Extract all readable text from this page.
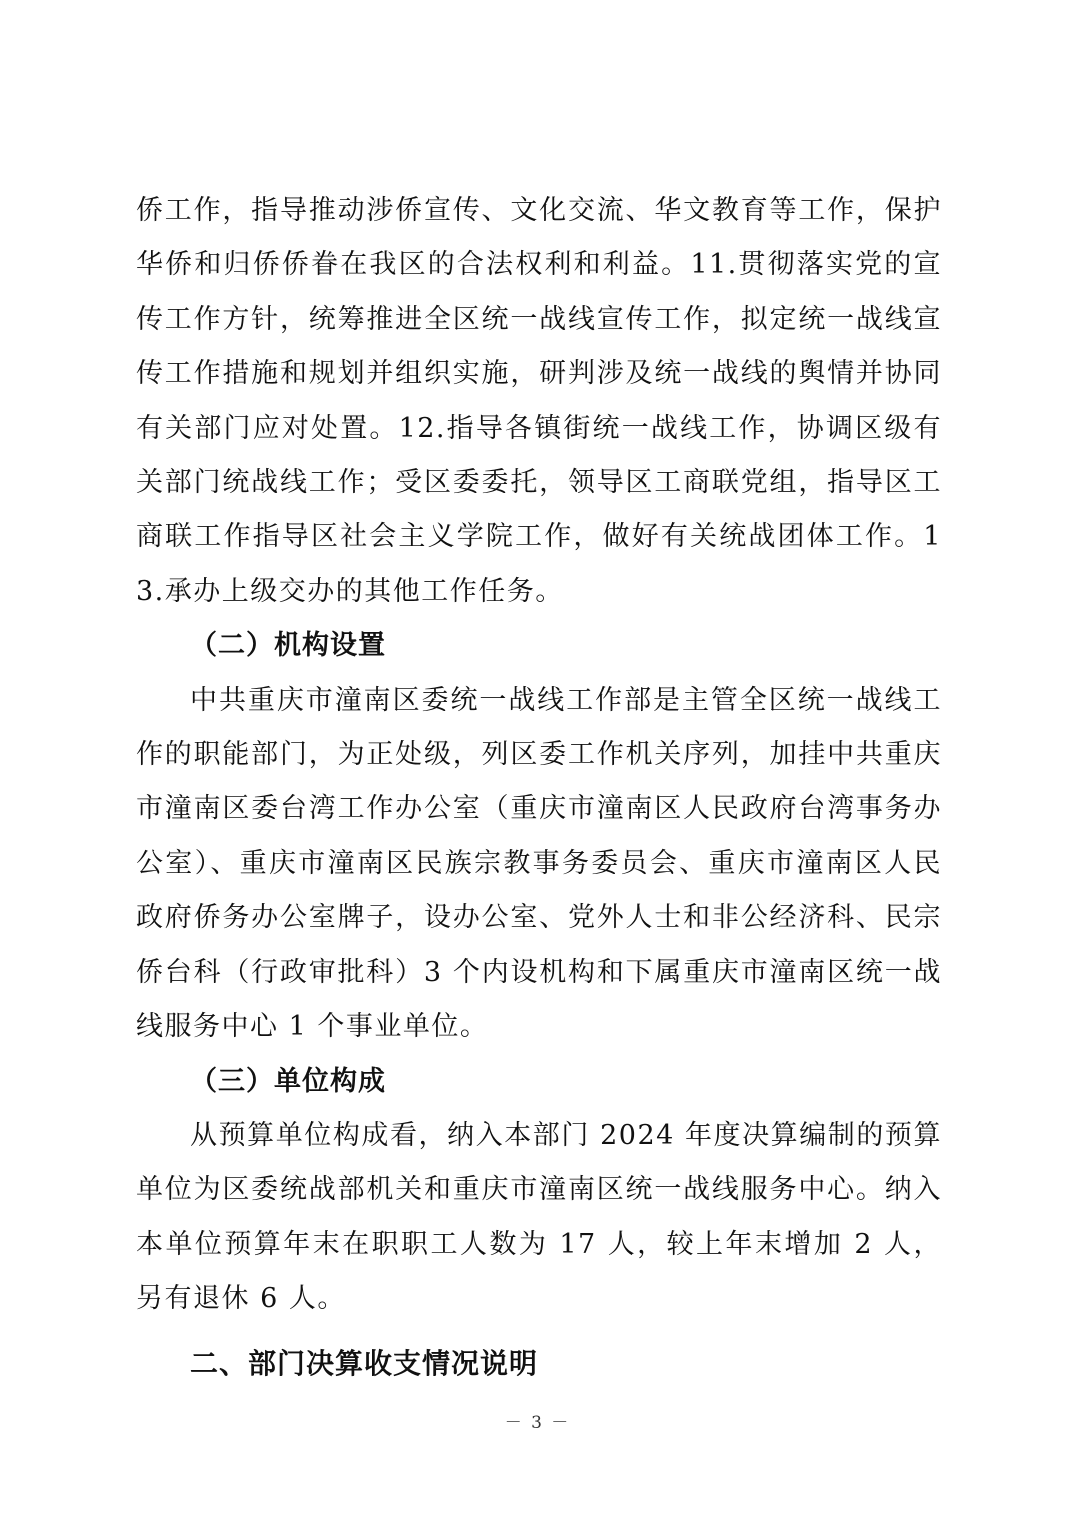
侨工作，指导推动涉侨宣传、文化交流、华文教育等工作，保护华侨和归侨侨眷在我区的合法权利和利益。11.贯彻落实党的宣传工作方针，统筹推进全区统一战线宣传工作，拟定统一战线宣传工作措施和规划并组织实施，研判涉及统一战线的舆情并协同有关部门应对处置。12.指导各镇街统一战线工作，协调区级有关部门统战线工作；受区委委托，领导区工商联党组，指导区工商联工作指导区社会主义学院工作，做好有关统战团体工作。13.承办上级交办的其他工作任务。

（二）机构设置

中共重庆市潼南区委统一战线工作部是主管全区统一战线工作的职能部门，为正处级，列区委工作机关序列，加挂中共重庆市潼南区委台湾工作办公室（重庆市潼南区人民政府台湾事务办公室）、重庆市潼南区民族宗教事务委员会、重庆市潼南区人民政府侨务办公室牌子，设办公室、党外人士和非公经济科、民宗侨台科（行政审批科）3 个内设机构和下属重庆市潼南区统一战线服务中心 1 个事业单位。

（三）单位构成

从预算单位构成看，纳入本部门 2024 年度决算编制的预算单位为区委统战部机关和重庆市潼南区统一战线服务中心。纳入本单位预算年末在职职工人数为 17 人，较上年末增加 2 人，另有退休 6 人。

二、部门决算收支情况说明

－ 3 －
